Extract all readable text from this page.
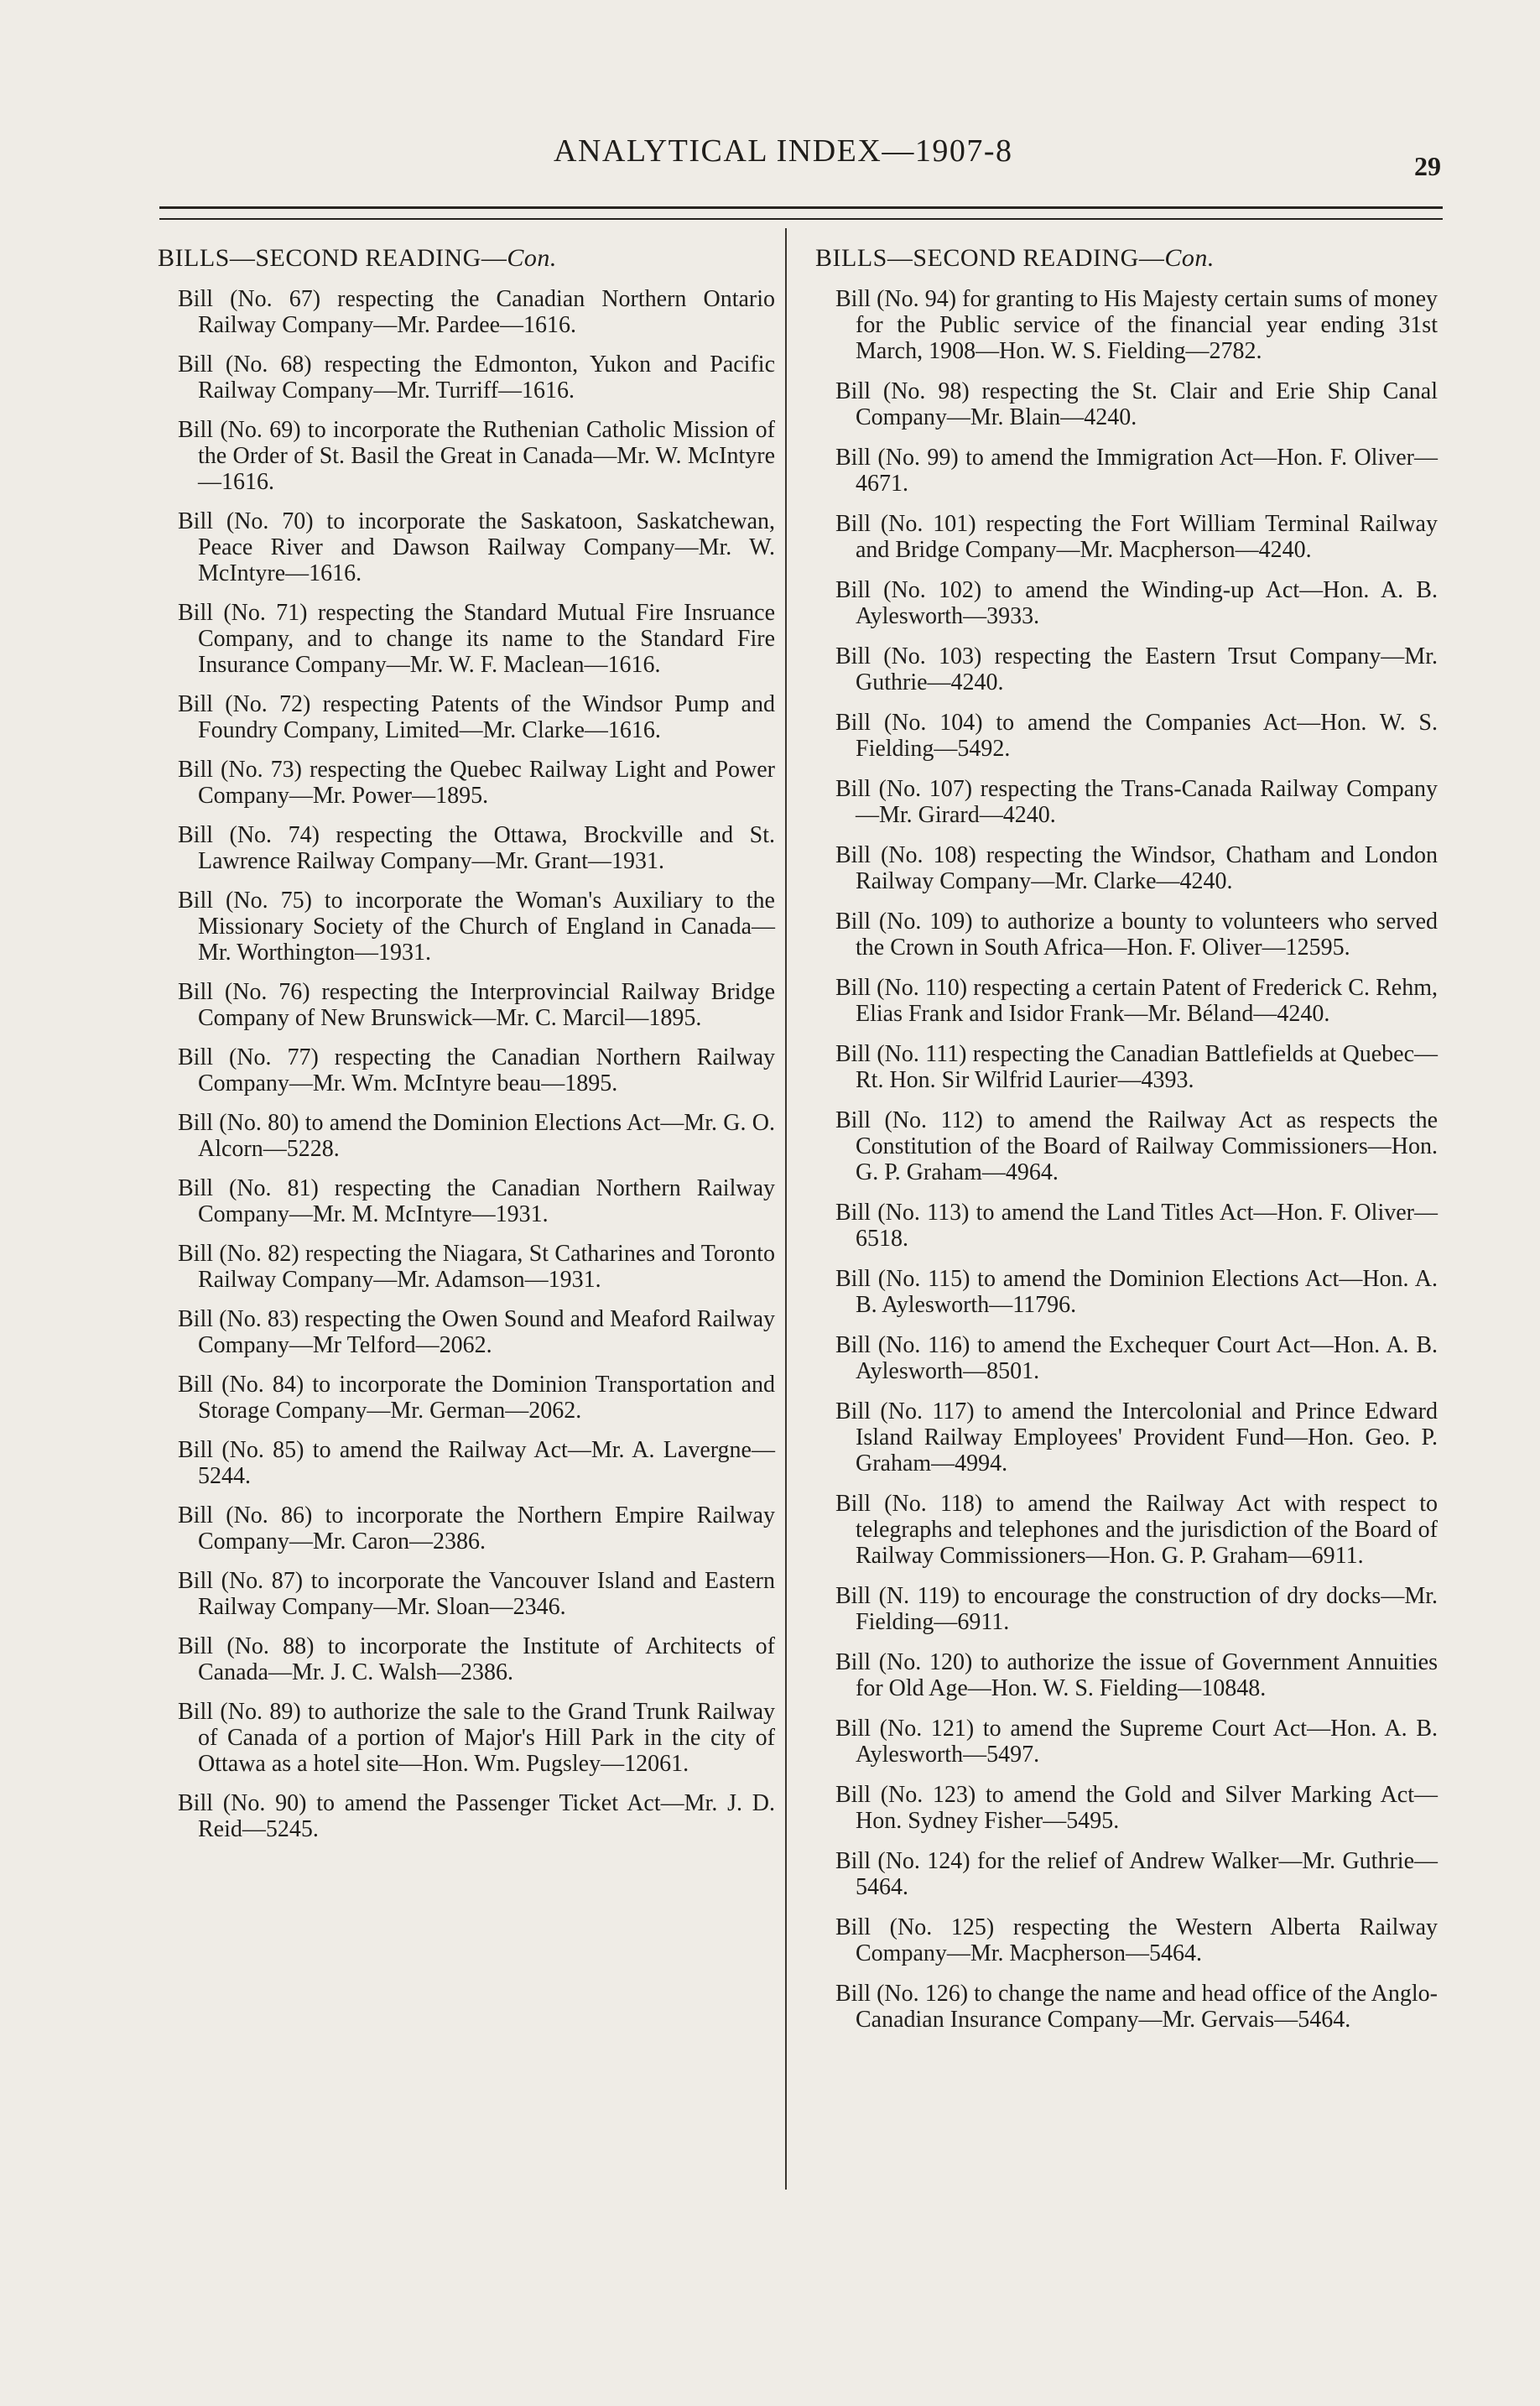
ANALYTICAL INDEX—1907-8	29
BILLS—SECOND READING—Con.
Bill (No. 67) respecting the Canadian Northern Ontario Railway Company—Mr. Pardee—1616.
Bill (No. 68) respecting the Edmonton, Yukon and Pacific Railway Company—Mr. Turriff—1616.
Bill (No. 69) to incorporate the Ruthenian Catholic Mission of the Order of St. Basil the Great in Canada—Mr. W. McIntyre—1616.
Bill (No. 70) to incorporate the Saskatoon, Saskatchewan, Peace River and Dawson Railway Company—Mr. W. McIntyre—1616.
Bill (No. 71) respecting the Standard Mutual Fire Insruance Company, and to change its name to the Standard Fire Insurance Company—Mr. W. F. Maclean—1616.
Bill (No. 72) respecting Patents of the Windsor Pump and Foundry Company, Limited—Mr. Clarke—1616.
Bill (No. 73) respecting the Quebec Railway Light and Power Company—Mr. Power—1895.
Bill (No. 74) respecting the Ottawa, Brockville and St. Lawrence Railway Company—Mr. Grant—1931.
Bill (No. 75) to incorporate the Woman's Auxiliary to the Missionary Society of the Church of England in Canada—Mr. Worthington—1931.
Bill (No. 76) respecting the Interprovincial Railway Bridge Company of New Brunswick—Mr. C. Marcil—1895.
Bill (No. 77) respecting the Canadian Northern Railway Company—Mr. Wm. McIntyre beau—1895.
Bill (No. 80) to amend the Dominion Elections Act—Mr. G. O. Alcorn—5228.
Bill (No. 81) respecting the Canadian Northern Railway Company—Mr. M. McIntyre—1931.
Bill (No. 82) respecting the Niagara, St Catharines and Toronto Railway Company—Mr. Adamson—1931.
Bill (No. 83) respecting the Owen Sound and Meaford Railway Company—Mr Telford—2062.
Bill (No. 84) to incorporate the Dominion Transportation and Storage Company—Mr. German—2062.
Bill (No. 85) to amend the Railway Act—Mr. A. Lavergne—5244.
Bill (No. 86) to incorporate the Northern Empire Railway Company—Mr. Caron—2386.
Bill (No. 87) to incorporate the Vancouver Island and Eastern Railway Company—Mr. Sloan—2346.
Bill (No. 88) to incorporate the Institute of Architects of Canada—Mr. J. C. Walsh—2386.
Bill (No. 89) to authorize the sale to the Grand Trunk Railway of Canada of a portion of Major's Hill Park in the city of Ottawa as a hotel site—Hon. Wm. Pugsley—12061.
Bill (No. 90) to amend the Passenger Ticket Act—Mr. J. D. Reid—5245.
BILLS—SECOND READING—Con.
Bill (No. 94) for granting to His Majesty certain sums of money for the Public service of the financial year ending 31st March, 1908—Hon. W. S. Fielding—2782.
Bill (No. 98) respecting the St. Clair and Erie Ship Canal Company—Mr. Blain—4240.
Bill (No. 99) to amend the Immigration Act—Hon. F. Oliver—4671.
Bill (No. 101) respecting the Fort William Terminal Railway and Bridge Company—Mr. Macpherson—4240.
Bill (No. 102) to amend the Winding-up Act—Hon. A. B. Aylesworth—3933.
Bill (No. 103) respecting the Eastern Trsut Company—Mr. Guthrie—4240.
Bill (No. 104) to amend the Companies Act—Hon. W. S. Fielding—5492.
Bill (No. 107) respecting the Trans-Canada Railway Company—Mr. Girard—4240.
Bill (No. 108) respecting the Windsor, Chatham and London Railway Company—Mr. Clarke—4240.
Bill (No. 109) to authorize a bounty to volunteers who served the Crown in South Africa—Hon. F. Oliver—12595.
Bill (No. 110) respecting a certain Patent of Frederick C. Rehm, Elias Frank and Isidor Frank—Mr. Béland—4240.
Bill (No. 111) respecting the Canadian Battlefields at Quebec—Rt. Hon. Sir Wilfrid Laurier—4393.
Bill (No. 112) to amend the Railway Act as respects the Constitution of the Board of Railway Commissioners—Hon. G. P. Graham—4964.
Bill (No. 113) to amend the Land Titles Act—Hon. F. Oliver—6518.
Bill (No. 115) to amend the Dominion Elections Act—Hon. A. B. Aylesworth—11796.
Bill (No. 116) to amend the Exchequer Court Act—Hon. A. B. Aylesworth—8501.
Bill (No. 117) to amend the Intercolonial and Prince Edward Island Railway Employees' Provident Fund—Hon. Geo. P. Graham—4994.
Bill (No. 118) to amend the Railway Act with respect to telegraphs and telephones and the jurisdiction of the Board of Railway Commissioners—Hon. G. P. Graham—6911.
Bill (N. 119) to encourage the construction of dry docks—Mr. Fielding—6911.
Bill (No. 120) to authorize the issue of Government Annuities for Old Age—Hon. W. S. Fielding—10848.
Bill (No. 121) to amend the Supreme Court Act—Hon. A. B. Aylesworth—5497.
Bill (No. 123) to amend the Gold and Silver Marking Act—Hon. Sydney Fisher—5495.
Bill (No. 124) for the relief of Andrew Walker—Mr. Guthrie—5464.
Bill (No. 125) respecting the Western Alberta Railway Company—Mr. Macpherson—5464.
Bill (No. 126) to change the name and head office of the Anglo-Canadian Insurance Company—Mr. Gervais—5464.
